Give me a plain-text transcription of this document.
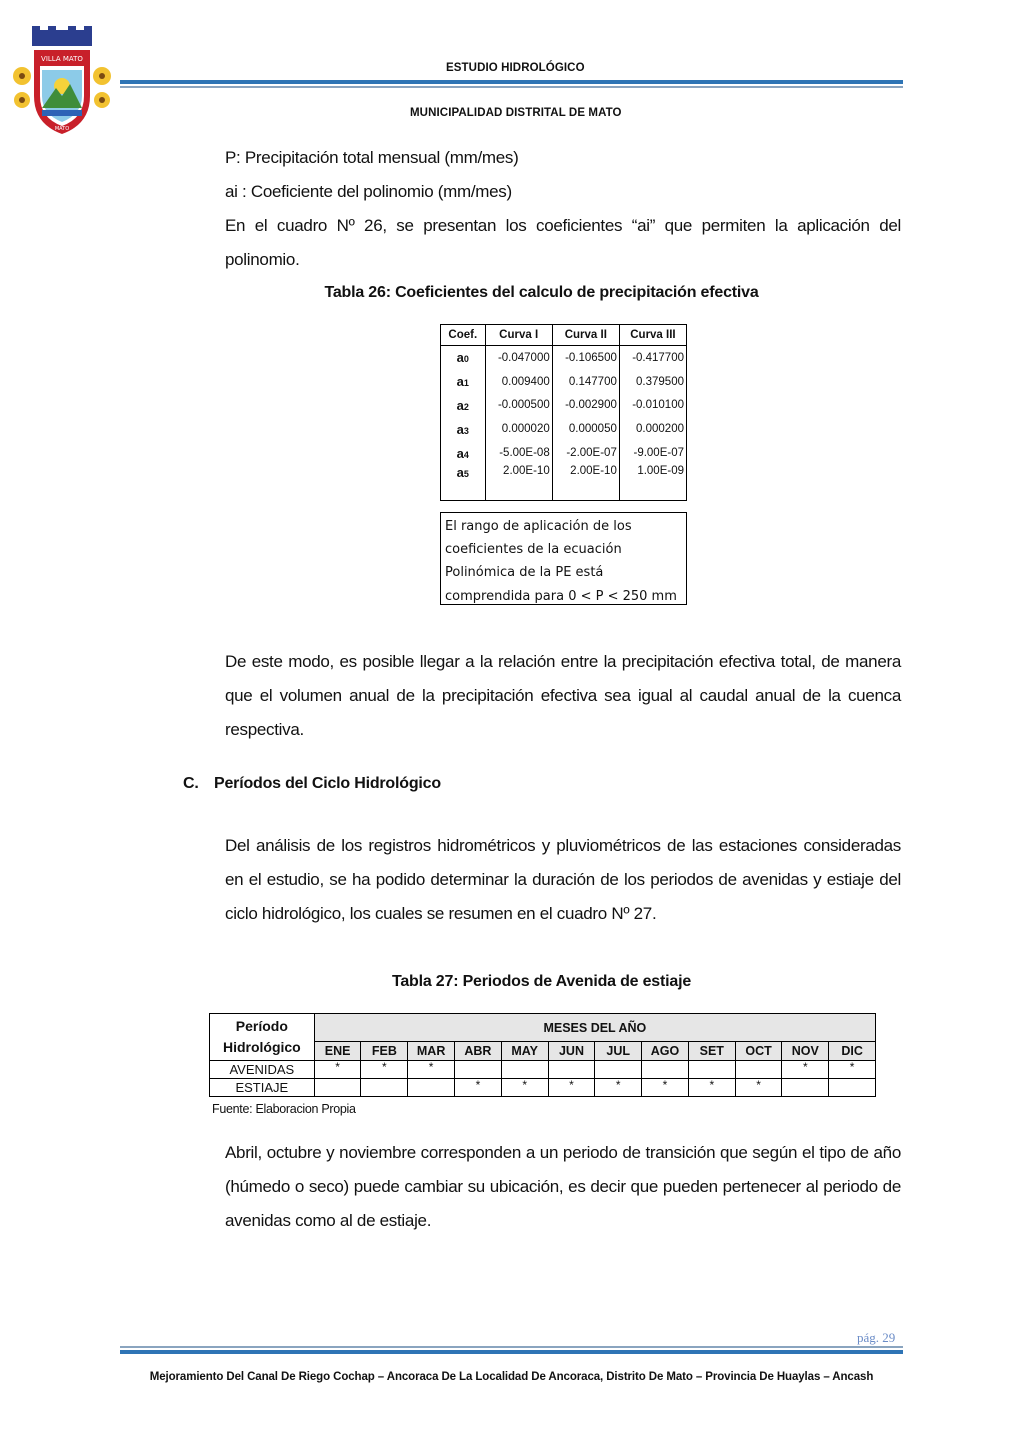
VILLA MATO
MATO
ESTUDIO HIDROLÓGICO
MUNICIPALIDAD DISTRITAL DE MATO
P: Precipitación total mensual (mm/mes)
ai : Coeficiente del polinomio (mm/mes)
En el cuadro Nº 26, se presentan los coeficientes “ai” que permiten la aplicación del polinomio.
Tabla 26: Coeficientes del calculo de precipitación efectiva
Coef.	Curva I	Curva II	Curva III
a0	-0.047000	-0.106500	-0.417700
a1	0.009400	0.147700	0.379500
a2	-0.000500	-0.002900	-0.010100
a3	0.000020	0.000050	0.000200
a4	-5.00E-08	-2.00E-07	-9.00E-07
a5	2.00E-10	2.00E-10	1.00E-09
El rango de aplicación de los coeficientes de la ecuación Polinómica de la PE está comprendida para 0 < P < 250 mm
De este modo, es posible llegar a la relación entre la precipitación efectiva total, de manera que el volumen anual de la precipitación efectiva sea igual al caudal anual de la cuenca respectiva.
C. Períodos del Ciclo Hidrológico
Del análisis de los registros hidrométricos y pluviométricos de las estaciones consideradas en el estudio, se ha podido determinar la duración de los periodos de avenidas y estiaje del ciclo hidrológico, los cuales se resumen en el cuadro Nº 27.
Tabla 27: Periodos de Avenida de estiaje
Período Hidrológico	MESES DEL AÑO											
	ENE	FEB	MAR	ABR	MAY	JUN	JUL	AGO	SET	OCT	NOV	DIC
AVENIDAS	*	*	*								*	*
ESTIAJE				*	*	*	*	*	*	*		
Fuente: Elaboracion Propia
Abril, octubre y noviembre corresponden a un periodo de transición que según el tipo de año (húmedo o seco) puede cambiar su ubicación, es decir que pueden pertenecer al periodo de avenidas como al de estiaje.
pág. 29
Mejoramiento Del Canal De Riego Cochap – Ancoraca De La Localidad De Ancoraca, Distrito De Mato – Provincia De Huaylas – Ancash
